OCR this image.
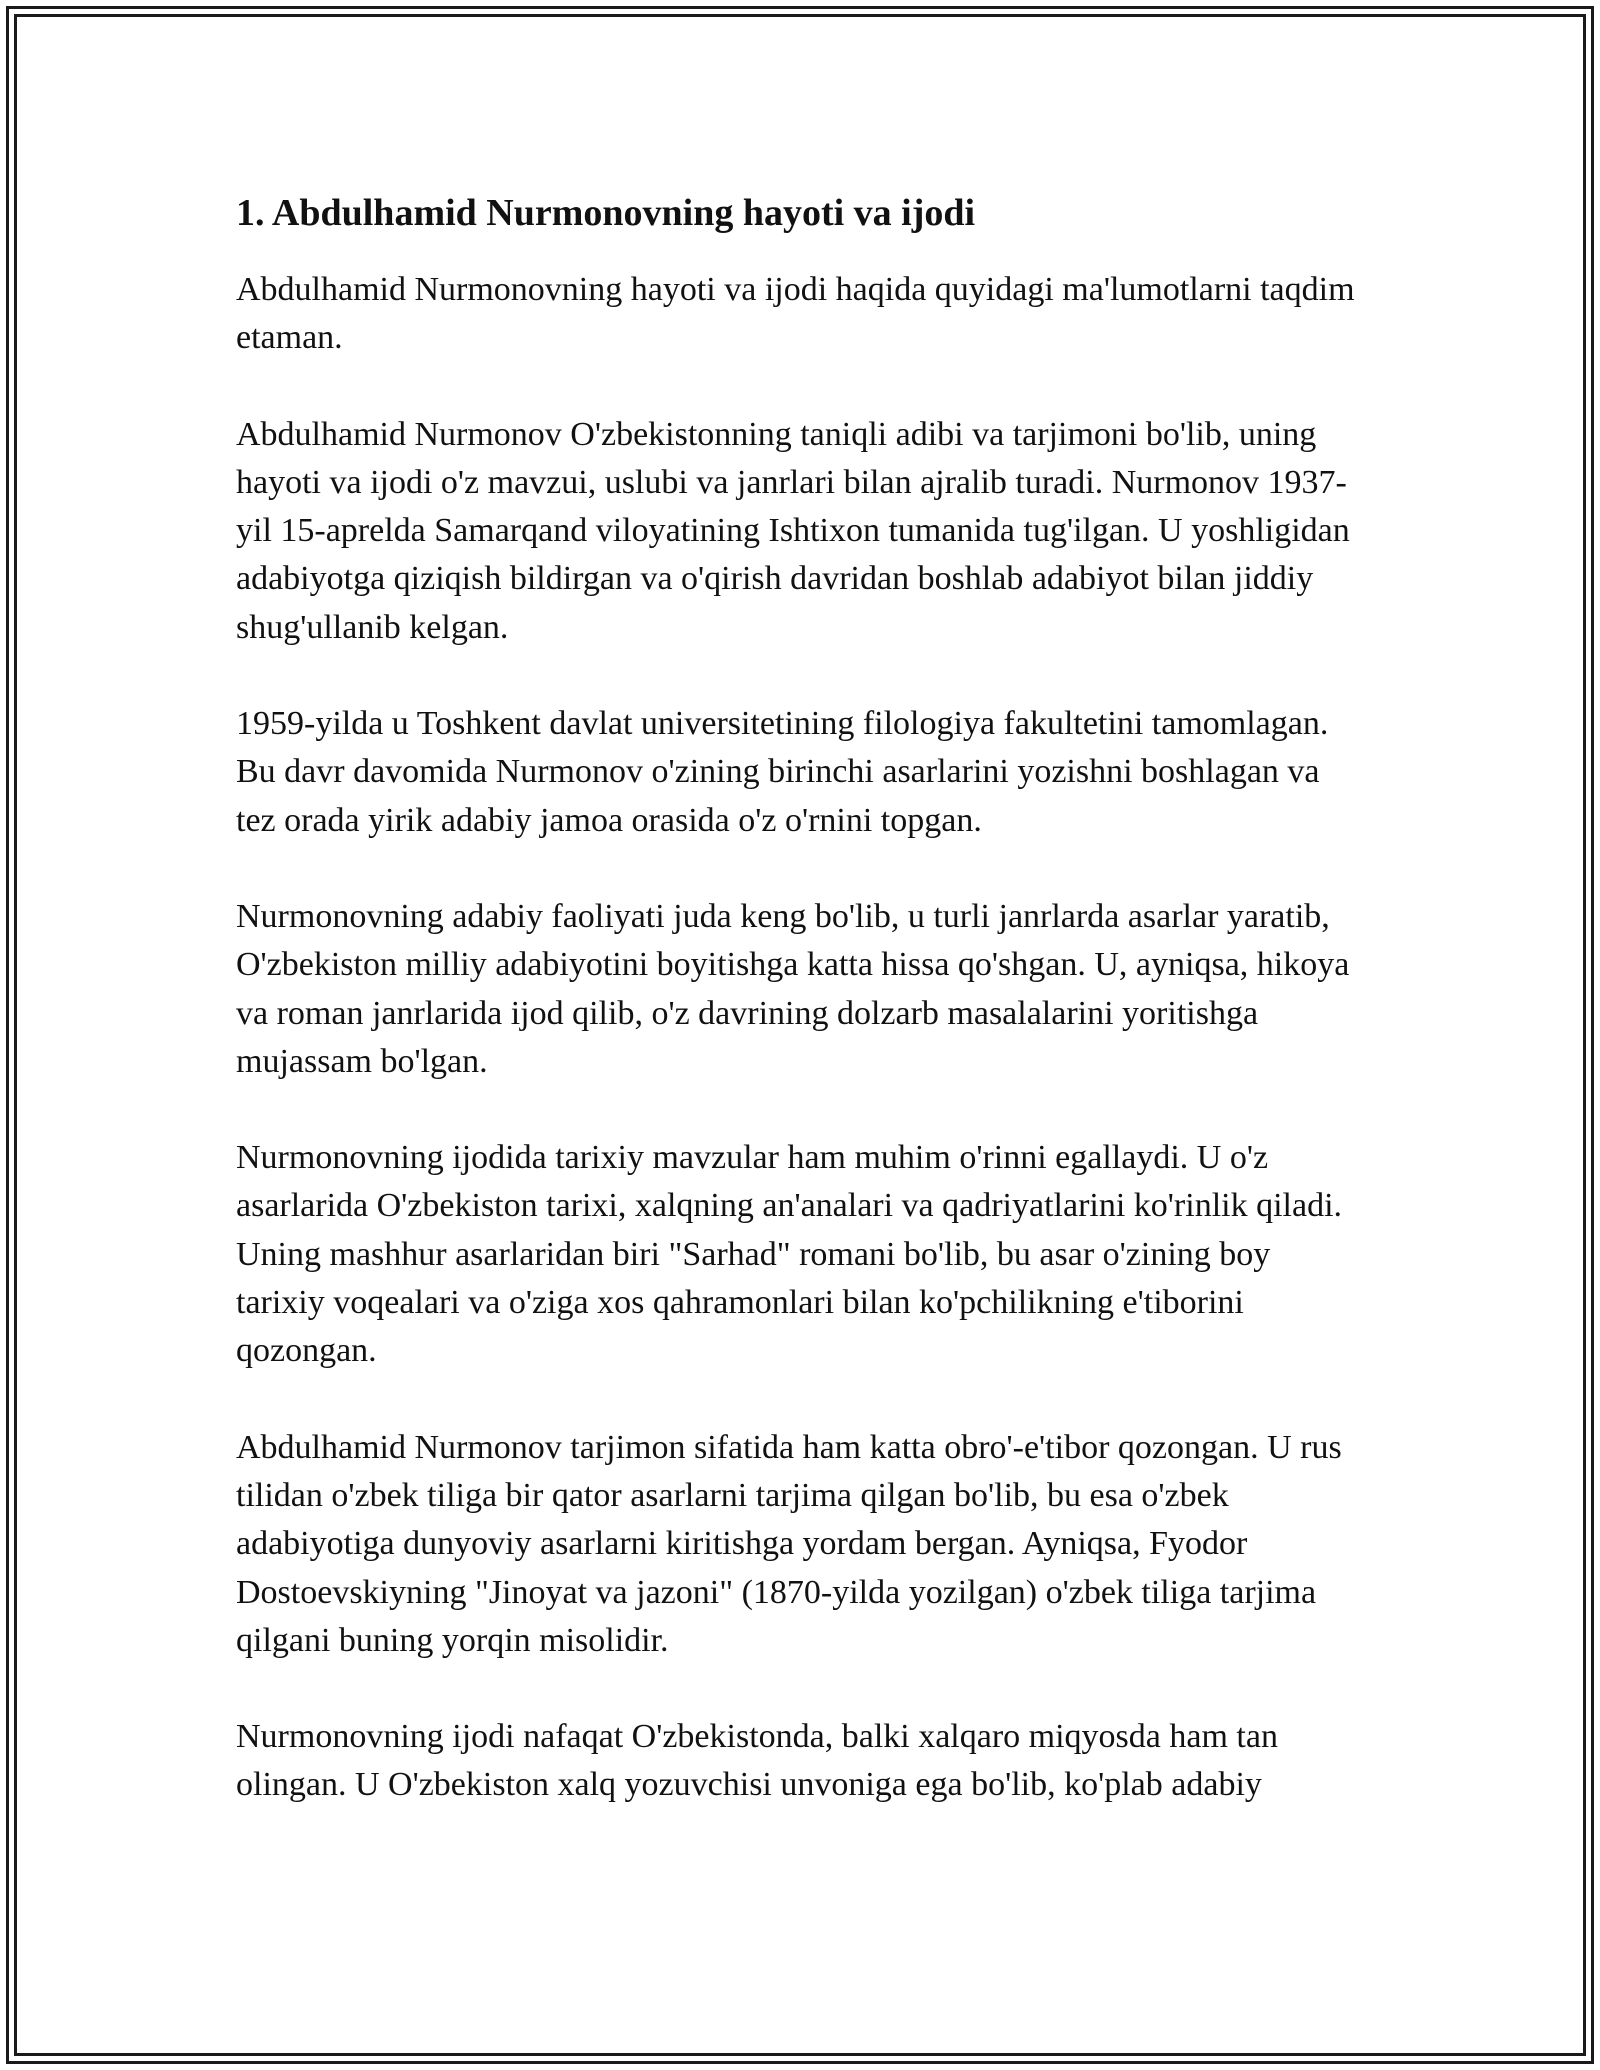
1. Abdulhamid Nurmonovning hayoti va ijodi

Abdulhamid Nurmonovning hayoti va ijodi haqida quyidagi ma'lumotlarni taqdim etaman.

Abdulhamid Nurmonov O'zbekistonning taniqli adibi va tarjimoni bo'lib, uning hayoti va ijodi o'z mavzui, uslubi va janrlari bilan ajralib turadi. Nurmonov 1937-yil 15-aprelda Samarqand viloyatining Ishtixon tumanida tug'ilgan. U yoshligidan adabiyotga qiziqish bildirgan va o'qirish davridan boshlab adabiyot bilan jiddiy shug'ullanib kelgan.

1959-yilda u Toshkent davlat universitetining filologiya fakultetini tamomlagan. Bu davr davomida Nurmonov o'zining birinchi asarlarini yozishni boshlagan va tez orada yirik adabiy jamoa orasida o'z o'rnini topgan.

Nurmonovning adabiy faoliyati juda keng bo'lib, u turli janrlarda asarlar yaratib, O'zbekiston milliy adabiyotini boyitishga katta hissa qo'shgan. U, ayniqsa, hikoya va roman janrlarida ijod qilib, o'z davrining dolzarb masalalarini yoritishga mujassam bo'lgan.

Nurmonovning ijodida tarixiy mavzular ham muhim o'rinni egallaydi. U o'z asarlarida O'zbekiston tarixi, xalqning an'analari va qadriyatlarini ko'rinlik qiladi. Uning mashhur asarlaridan biri "Sarhad" romani bo'lib, bu asar o'zining boy tarixiy voqealari va o'ziga xos qahramonlari bilan ko'pchilikning e'tiborini qozongan.

Abdulhamid Nurmonov tarjimon sifatida ham katta obro'-e'tibor qozongan. U rus tilidan o'zbek tiliga bir qator asarlarni tarjima qilgan bo'lib, bu esa o'zbek adabiyotiga dunyoviy asarlarni kiritishga yordam bergan. Ayniqsa, Fyodor Dostoevskiyning "Jinoyat va jazoni" (1870-yilda yozilgan) o'zbek tiliga tarjima qilgani buning yorqin misolidir.

Nurmonovning ijodi nafaqat O'zbekistonda, balki xalqaro miqyosda ham tan olingan. U O'zbekiston xalq yozuvchisi unvoniga ega bo'lib, ko'plab adabiy
